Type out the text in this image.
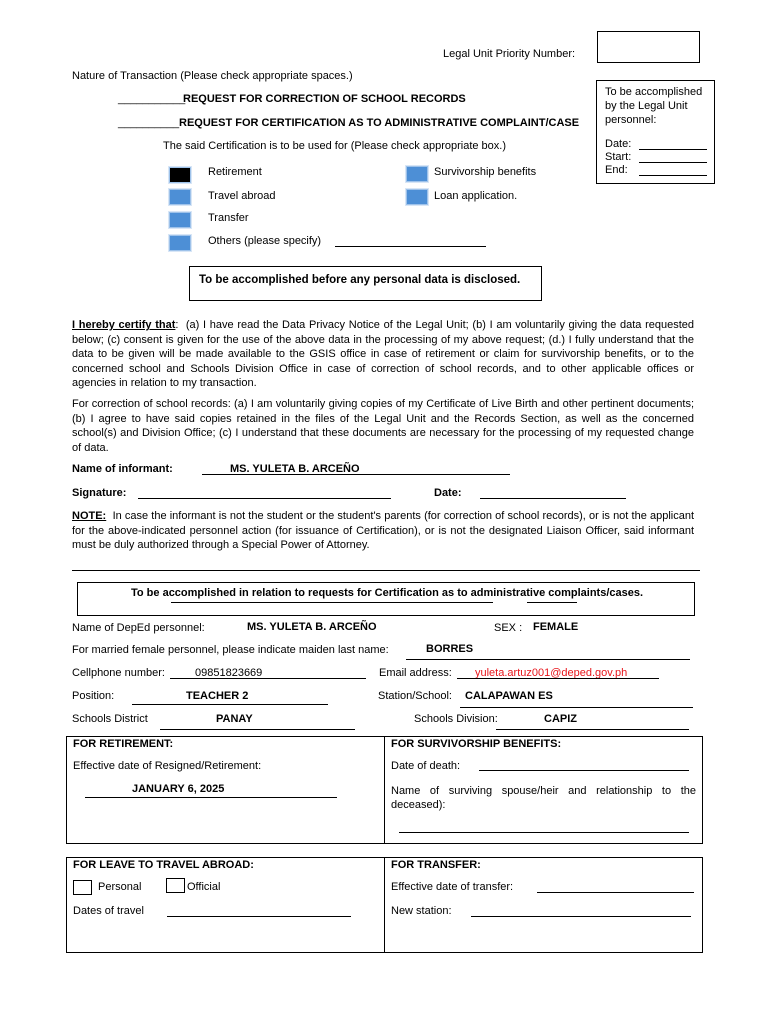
Legal Unit Priority Number:
Nature of Transaction (Please check appropriate spaces.)
___________
REQUEST FOR CORRECTION OF SCHOOL RECORDS
__________ REQUEST FOR CERTIFICATION AS TO ADMINISTRATIVE COMPLAINT/CASE
The said Certification is to be used for (Please check appropriate box.)
To be accomplished
by the Legal Unit
personnel:
Date:
Start:
End:
Retirement	Survivorship benefits
Travel abroad	Loan application.
Transfer
Others (please specify)
To be accomplished before any personal data is disclosed.
I hereby certify that: (a) I have read the Data Privacy Notice of the Legal Unit; (b) I am voluntarily giving the data requested below; (c) consent is given for the use of the above data in the processing of my above request; (d.) I fully understand that the data to be given will be made available to the GSIS office in case of retirement or claim for survivorship benefits, or to the concerned school and Schools Division Office in case of correction of school records, and to other applicable offices or agencies in relation to my transaction.
For correction of school records: (a) I am voluntarily giving copies of my Certificate of Live Birth and other pertinent documents; (b) I agree to have said copies retained in the files of the Legal Unit and the Records Section, as well as the concerned school(s) and Division Office; (c) I understand that these documents are necessary for the processing of my requested change of data.
Name of informant:	MS. YULETA B. ARCEÑO
Signature:	Date:
NOTE: In case the informant is not the student or the student's parents (for correction of school records), or is not the applicant for the above-indicated personnel action (for issuance of Certification), or is not the designated Liaison Officer, said informant must be duly authorized through a Special Power of Attorney.
To be accomplished in relation to requests for Certification as to administrative complaints/cases.
Name of DepEd personnel:	MS. YULETA B. ARCEÑO	SEX : FEMALE
For married female personnel, please indicate maiden last name:	BORRES
Cellphone number:	09851823669	Email address: yuleta.artuz001@deped.gov.ph
Position:	TEACHER 2	Station/School: CALAPAWAN ES
Schools District	PANAY	Schools Division:	CAPIZ
FOR RETIREMENT:
Effective date of Resigned/Retirement:
JANUARY 6, 2025
FOR SURVIVORSHIP BENEFITS:
Date of death:
Name of surviving spouse/heir and relationship to the deceased):
FOR LEAVE TO TRAVEL ABROAD:
Personal	Official
Dates of travel
FOR TRANSFER:
Effective date of transfer:
New station:
